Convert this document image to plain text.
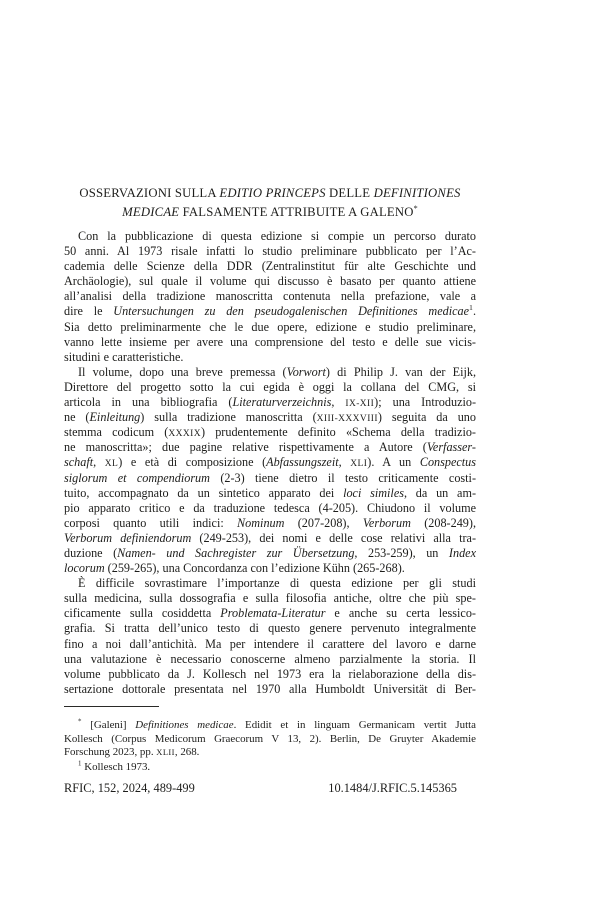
OSSERVAZIONI SULLA EDITIO PRINCEPS DELLE DEFINITIONES
MEDICAE FALSAMENTE ATTRIBUITE A GALENO*
Con la pubblicazione di questa edizione si compie un percorso durato
50 anni. Al 1973 risale infatti lo studio preliminare pubblicato per l’Ac-
cademia delle Scienze della DDR (Zentralinstitut für alte Geschichte und
Archäologie), sul quale il volume qui discusso è basato per quanto attiene
all’analisi della tradizione manoscritta contenuta nella prefazione, vale a
dire le Untersuchungen zu den pseudogalenischen Definitiones medicae$^1$.
Sia detto preliminarmente che le due opere, edizione e studio preliminare,
vanno lette insieme per avere una comprensione del testo e delle sue vicis-
situdini e caratteristiche.
Il volume, dopo una breve premessa (Vorwort) di Philip J. van der Eijk,
Direttore del progetto sotto la cui egida è oggi la collana del CMG, si
articola in una bibliografia (Literaturverzeichnis, IX-XII); una Introduzio-
ne (Einleitung) sulla tradizione manoscritta (XIII-XXXVIII) seguita da uno
stemma codicum (XXXIX) prudentemente definito «Schema della tradizio-
ne manoscritta»; due pagine relative rispettivamente a Autore (Verfasser-
schaft, XL) e età di composizione (Abfassungszeit, XLI). A un Conspectus
siglorum et compendiorum (2-3) tiene dietro il testo criticamente costi-
tuito, accompagnato da un sintetico apparato dei loci similes, da un am-
pio apparato critico e da traduzione tedesca (4-205). Chiudono il volume
corposi quanto utili indici: Nominum (207-208), Verborum (208-249),
Verborum definiendorum (249-253), dei nomi e delle cose relativi alla tra-
duzione (Namen- und Sachregister zur Übersetzung, 253-259), un Index
locorum (259-265), una Concordanza con l’edizione Kühn (265-268).
È difficile sovrastimare l’importanze di questa edizione per gli studi
sulla medicina, sulla dossografia e sulla filosofia antiche, oltre che più spe-
cificamente sulla cosiddetta Problemata-Literatur e anche su certa lessico-
grafia. Si tratta dell’unico testo di questo genere pervenuto integralmente
fino a noi dall’antichità. Ma per intendere il carattere del lavoro e darne
una valutazione è necessario conoscerne almeno parzialmente la storia. Il
volume pubblicato da J. Kollesch nel 1973 era la rielaborazione della dis-
sertazione dottorale presentata nel 1970 alla Humboldt Universität di Ber-
* [Galeni] Definitiones medicae. Edidit et in linguam Germanicam vertit Jutta
Kollesch (Corpus Medicorum Graecorum V 13, 2). Berlin, De Gruyter Akademie
Forschung 2023, pp. XLII, 268.
$^1$ Kollesch 1973.
RFIC, 152, 2024, 489-499	10.1484/J.RFIC.5.145365
